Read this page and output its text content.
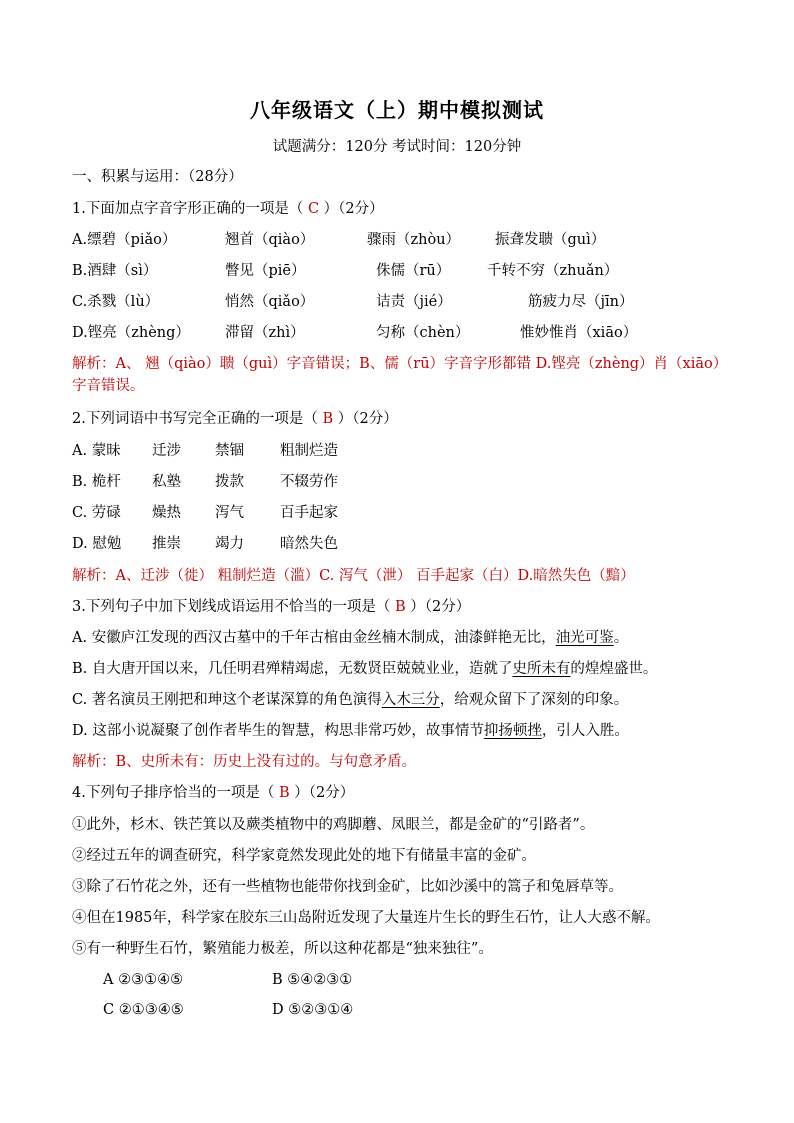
八年级语文（上）期中模拟测试
试题满分：120分 考试时间：120分钟
一、积累与运用：（28分）
1.下面加点字音字形正确的一项是（ C ）（2分）
A.缥碧（piǎo）	翘首（qiào）	骤雨（zhòu） 振聋发聩（guì）
B.酒肆（sì）	瞥见（piē）	侏儒（rū）	千转不穷（zhuǎn）
C.杀戮（lù）	悄然（qiǎo）	诘责（jié）	筋疲力尽（jīn）
D.铿亮（zhèng） 滞留（zhì）	匀称（chèn）	惟妙惟肖（xiāo）
解析：A、 翘（qiào）聩（guì）字音错误；B、儒（rū）字音字形都错 D.铿亮（zhèng）肖（xiāo）字音错误。
2.下列词语中书写完全正确的一项是（ B ）（2分）
A. 蒙昧 迁涉 禁锢 粗制烂造
B. 桅杆 私塾 拨款 不辍劳作
C. 劳碌 燥热 泻气 百手起家
D. 慰勉 推崇 竭力 暗然失色
解析：A、迁涉（徙） 粗制烂造（滥）C. 泻气（泄） 百手起家（白）D.暗然失色（黯）
3.下列句子中加下划线成语运用不恰当的一项是（ B ）（2分）
A. 安徽庐江发现的西汉古墓中的千年古棺由金丝楠木制成，油漆鲜艳无比，油光可鉴。
B. 自大唐开国以来，几任明君殚精竭虑，无数贤臣兢兢业业，造就了史所未有的煌煌盛世。
C. 著名演员王刚把和珅这个老谋深算的角色演得入木三分，给观众留下了深刻的印象。
D. 这部小说凝聚了创作者毕生的智慧，构思非常巧妙，故事情节抑扬顿挫，引人入胜。
解析：B、史所未有：历史上没有过的。与句意矛盾。
4.下列句子排序恰当的一项是（ B ）（2分）
①此外，杉木、铁芒箕以及蕨类植物中的鸡脚蘑、凤眼兰，都是金矿的“引路者”。
②经过五年的调查研究，科学家竟然发现此处的地下有储量丰富的金矿。
③除了石竹花之外，还有一些植物也能带你找到金矿，比如沙溪中的篙子和兔唇草等。
④但在1985年，科学家在胶东三山岛附近发现了大量连片生长的野生石竹，让人大惑不解。
⑤有一种野生石竹，繁殖能力极差，所以这种花都是“独来独往”。
A ②③①④⑤	B ⑤④②③①
C ②①③④⑤	D ⑤②③①④
